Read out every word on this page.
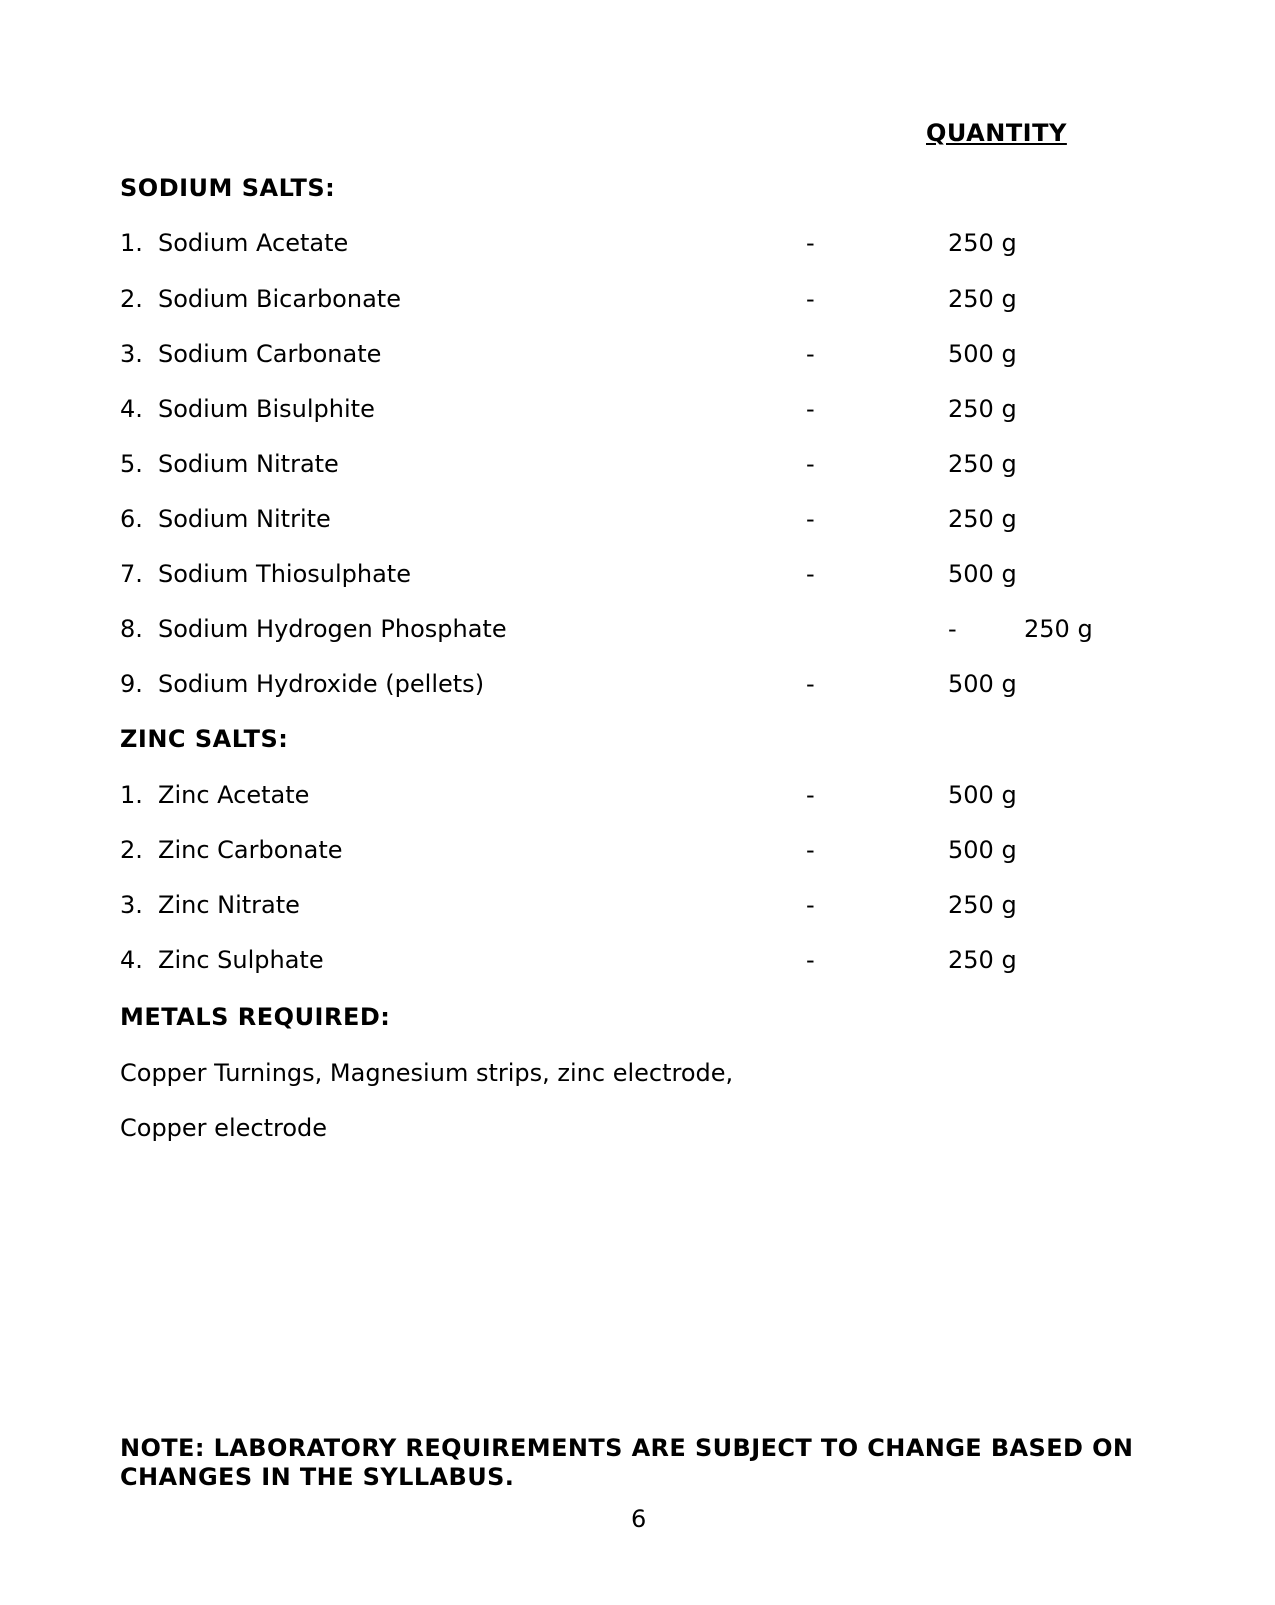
QUANTITY
SODIUM SALTS:
1. Sodium Acetate	-	250 g
2. Sodium Bicarbonate	-	250 g
3. Sodium Carbonate	-	500 g
4. Sodium Bisulphite	-	250 g
5. Sodium Nitrate	-	250 g
6. Sodium Nitrite	-	250 g
7. Sodium Thiosulphate	-	500 g
8. Sodium Hydrogen Phosphate	-	250 g
9. Sodium Hydroxide (pellets)	-	500 g
ZINC SALTS:
1. Zinc Acetate	-	500 g
2. Zinc Carbonate	-	500 g
3. Zinc Nitrate	-	250 g
4. Zinc Sulphate	-	250 g
METALS REQUIRED:
Copper Turnings, Magnesium strips, zinc electrode,
Copper electrode
NOTE: LABORATORY REQUIREMENTS ARE SUBJECT TO CHANGE BASED ON CHANGES IN THE SYLLABUS.
6
